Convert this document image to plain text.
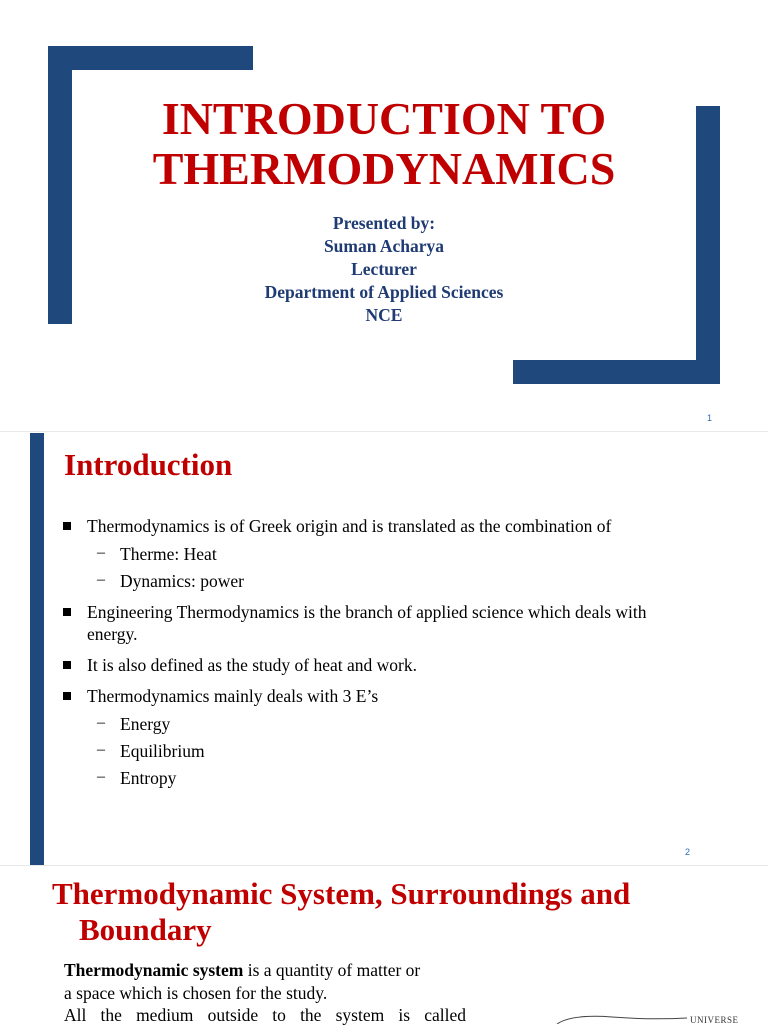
INTRODUCTION TO
THERMODYNAMICS
Presented by:
Suman Acharya
Lecturer
Department of Applied Sciences
NCE
1
Introduction
Thermodynamics is of Greek origin and is translated as the combination of
– Therme: Heat
– Dynamics: power
Engineering Thermodynamics is the branch of applied science which deals with
energy.
It is also defined as the study of heat and work.
Thermodynamics mainly deals with 3 E’s
– Energy
– Equilibrium
– Entropy
2
Thermodynamic System, Surroundings and
Boundary
Thermodynamic system is a quantity of matter or
a space which is chosen for the study.
All the medium outside to the system is called	UNIVERSE
